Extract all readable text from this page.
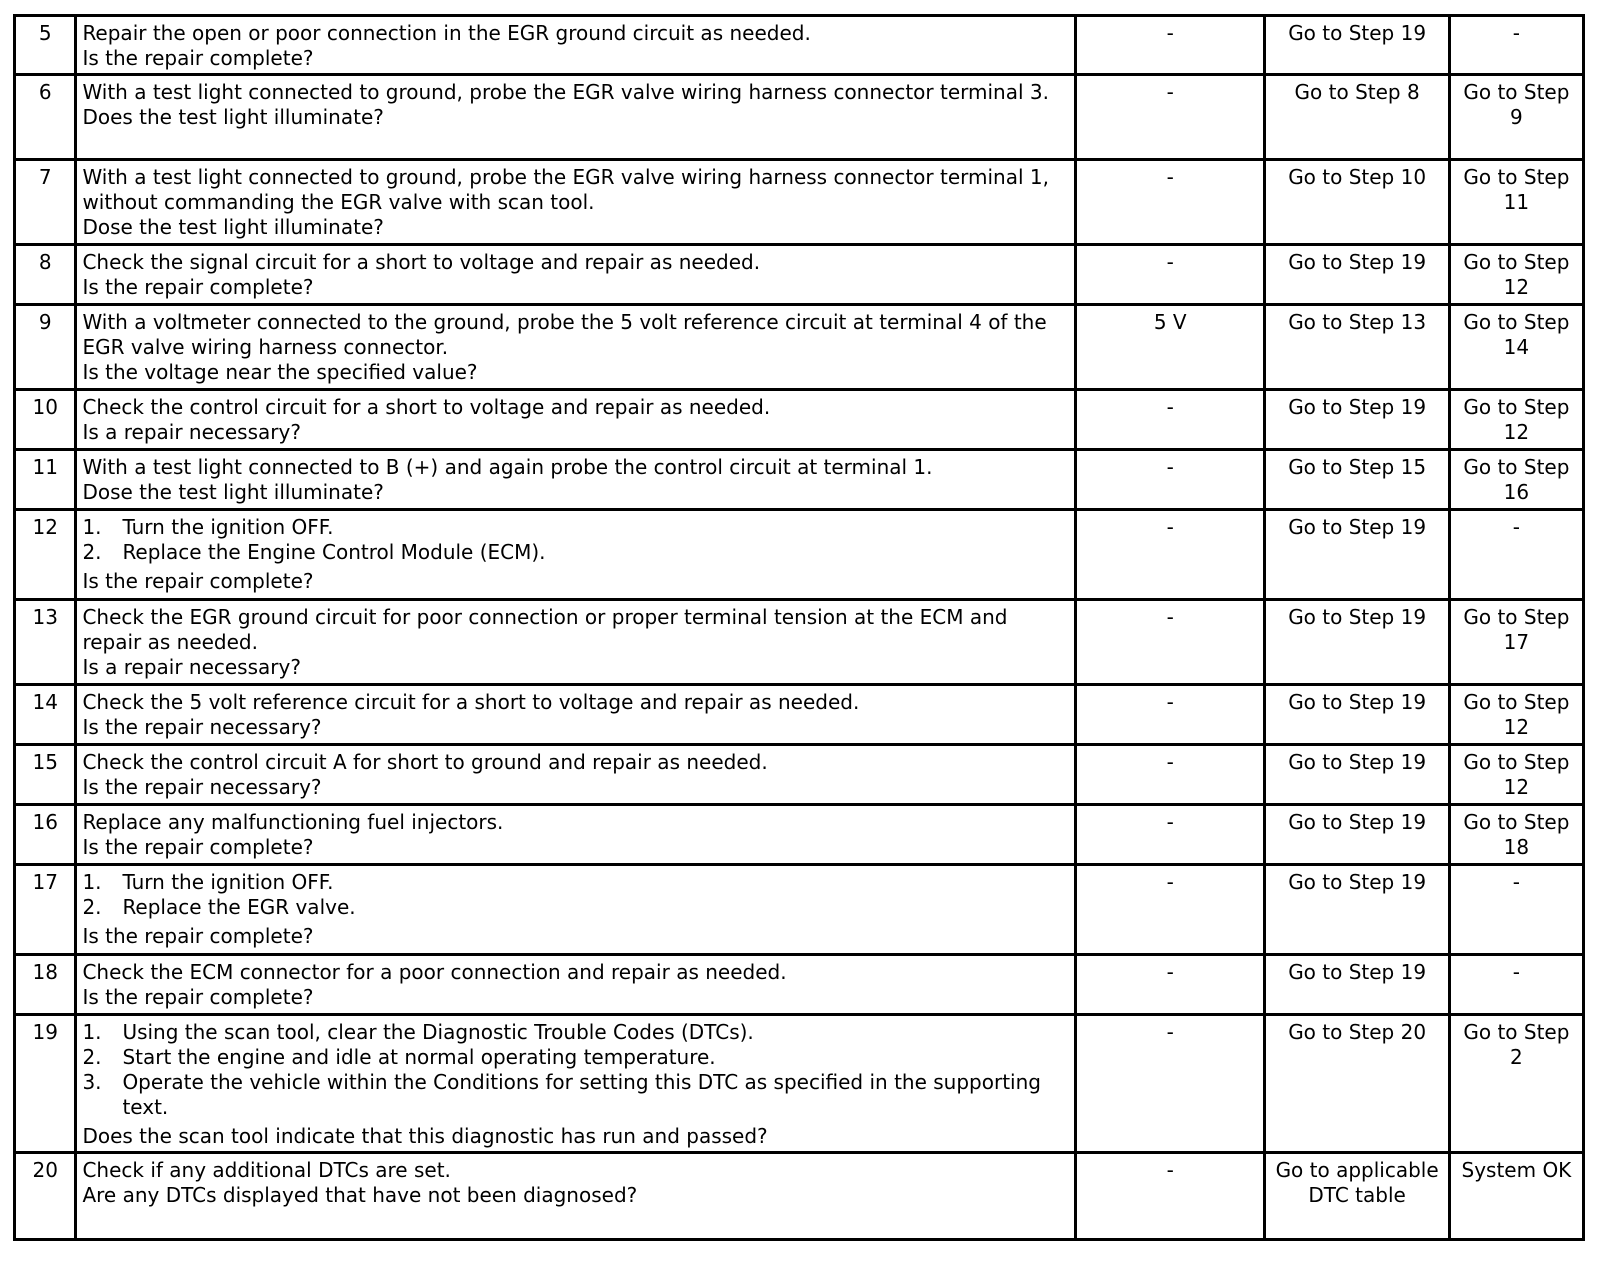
5	Repair the open or poor connection in the EGR ground circuit as needed.
Is the repair complete?	-	Go to Step 19	-
6	With a test light connected to ground, probe the EGR valve wiring harness connector terminal 3.
Does the test light illuminate?	-	Go to Step 8	Go to Step 9
7	With a test light connected to ground, probe the EGR valve wiring harness connector terminal 1, without commanding the EGR valve with scan tool.
Dose the test light illuminate?	-	Go to Step 10	Go to Step 11
8	Check the signal circuit for a short to voltage and repair as needed.
Is the repair complete?	-	Go to Step 19	Go to Step 12
9	With a voltmeter connected to the ground, probe the 5 volt reference circuit at terminal 4 of the EGR valve wiring harness connector.
Is the voltage near the specified value?	5 V	Go to Step 13	Go to Step 14
10	Check the control circuit for a short to voltage and repair as needed.
Is a repair necessary?	-	Go to Step 19	Go to Step 12
11	With a test light connected to B (+) and again probe the control circuit at terminal 1.
Dose the test light illuminate?	-	Go to Step 15	Go to Step 16
12	1. Turn the ignition OFF.
2. Replace the Engine Control Module (ECM).
Is the repair complete?	-	Go to Step 19	-
13	Check the EGR ground circuit for poor connection or proper terminal tension at the ECM and repair as needed.
Is a repair necessary?	-	Go to Step 19	Go to Step 17
14	Check the 5 volt reference circuit for a short to voltage and repair as needed.
Is the repair necessary?	-	Go to Step 19	Go to Step 12
15	Check the control circuit A for short to ground and repair as needed.
Is the repair necessary?	-	Go to Step 19	Go to Step 12
16	Replace any malfunctioning fuel injectors.
Is the repair complete?	-	Go to Step 19	Go to Step 18
17	1. Turn the ignition OFF.
2. Replace the EGR valve.
Is the repair complete?	-	Go to Step 19	-
18	Check the ECM connector for a poor connection and repair as needed.
Is the repair complete?	-	Go to Step 19	-
19	1. Using the scan tool, clear the Diagnostic Trouble Codes (DTCs).
2. Start the engine and idle at normal operating temperature.
3. Operate the vehicle within the Conditions for setting this DTC as specified in the supporting text.
Does the scan tool indicate that this diagnostic has run and passed?	-	Go to Step 20	Go to Step 2
20	Check if any additional DTCs are set.
Are any DTCs displayed that have not been diagnosed?	-	Go to applicable DTC table	System OK
